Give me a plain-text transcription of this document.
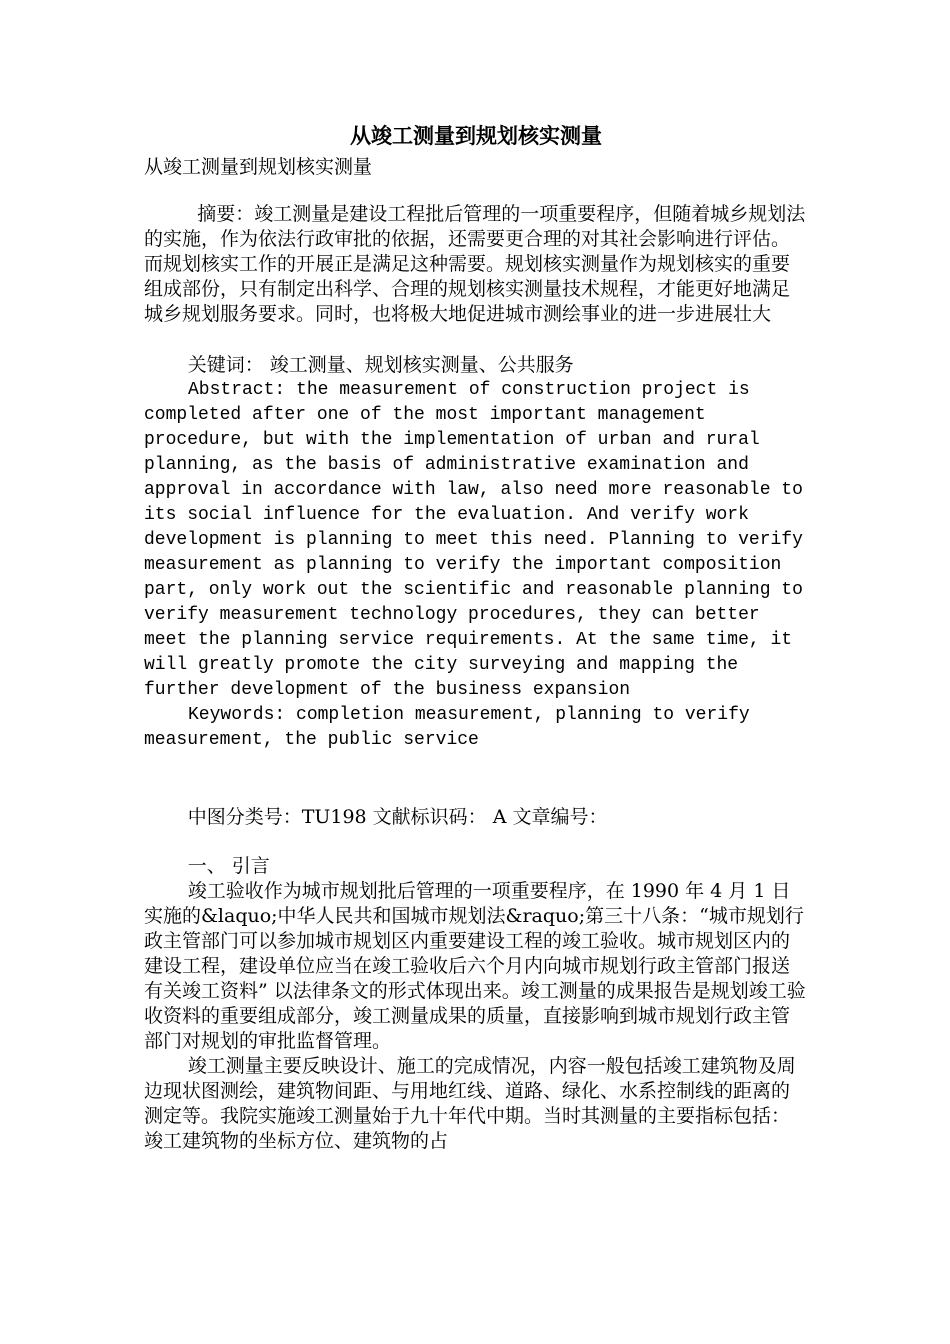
从竣工测量到规划核实测量

从竣工测量到规划核实测量

摘要：竣工测量是建设工程批后管理的一项重要程序，但随着城乡规划法的实施，作为依法行政审批的依据，还需要更合理的对其社会影响进行评估。而规划核实工作的开展正是满足这种需要。规划核实测量作为规划核实的重要组成部份，只有制定出科学、合理的规划核实测量技术规程，才能更好地满足城乡规划服务要求。同时，也将极大地促进城市测绘事业的进一步进展壮大

关键词： 竣工测量、规划核实测量、公共服务

Abstract: the measurement of construction project is completed after one of the most important management procedure, but with the implementation of urban and rural planning, as the basis of administrative examination and approval in accordance with law, also need more reasonable to its social influence for the evaluation. And verify work development is planning to meet this need. Planning to verify measurement as planning to verify the important composition part, only work out the scientific and reasonable planning to verify measurement technology procedures, they can better meet the planning service requirements. At the same time, it will greatly promote the city surveying and mapping the further development of the business expansion

Keywords: completion measurement, planning to verify measurement, the public service

中图分类号：TU198 文献标识码： A 文章编号：

一、 引言

竣工验收作为城市规划批后管理的一项重要程序，在 1990 年 4 月 1 日实施的&laquo;中华人民共和国城市规划法&raquo;第三十八条：“城市规划行政主管部门可以参加城市规划区内重要建设工程的竣工验收。城市规划区内的建设工程，建设单位应当在竣工验收后六个月内向城市规划行政主管部门报送有关竣工资料” 以法律条文的形式体现出来。竣工测量的成果报告是规划竣工验收资料的重要组成部分，竣工测量成果的质量，直接影响到城市规划行政主管部门对规划的审批监督管理。

竣工测量主要反映设计、施工的完成情况，内容一般包括竣工建筑物及周边现状图测绘，建筑物间距、与用地红线、道路、绿化、水系控制线的距离的测定等。我院实施竣工测量始于九十年代中期。当时其测量的主要指标包括：竣工建筑物的坐标方位、建筑物的占
